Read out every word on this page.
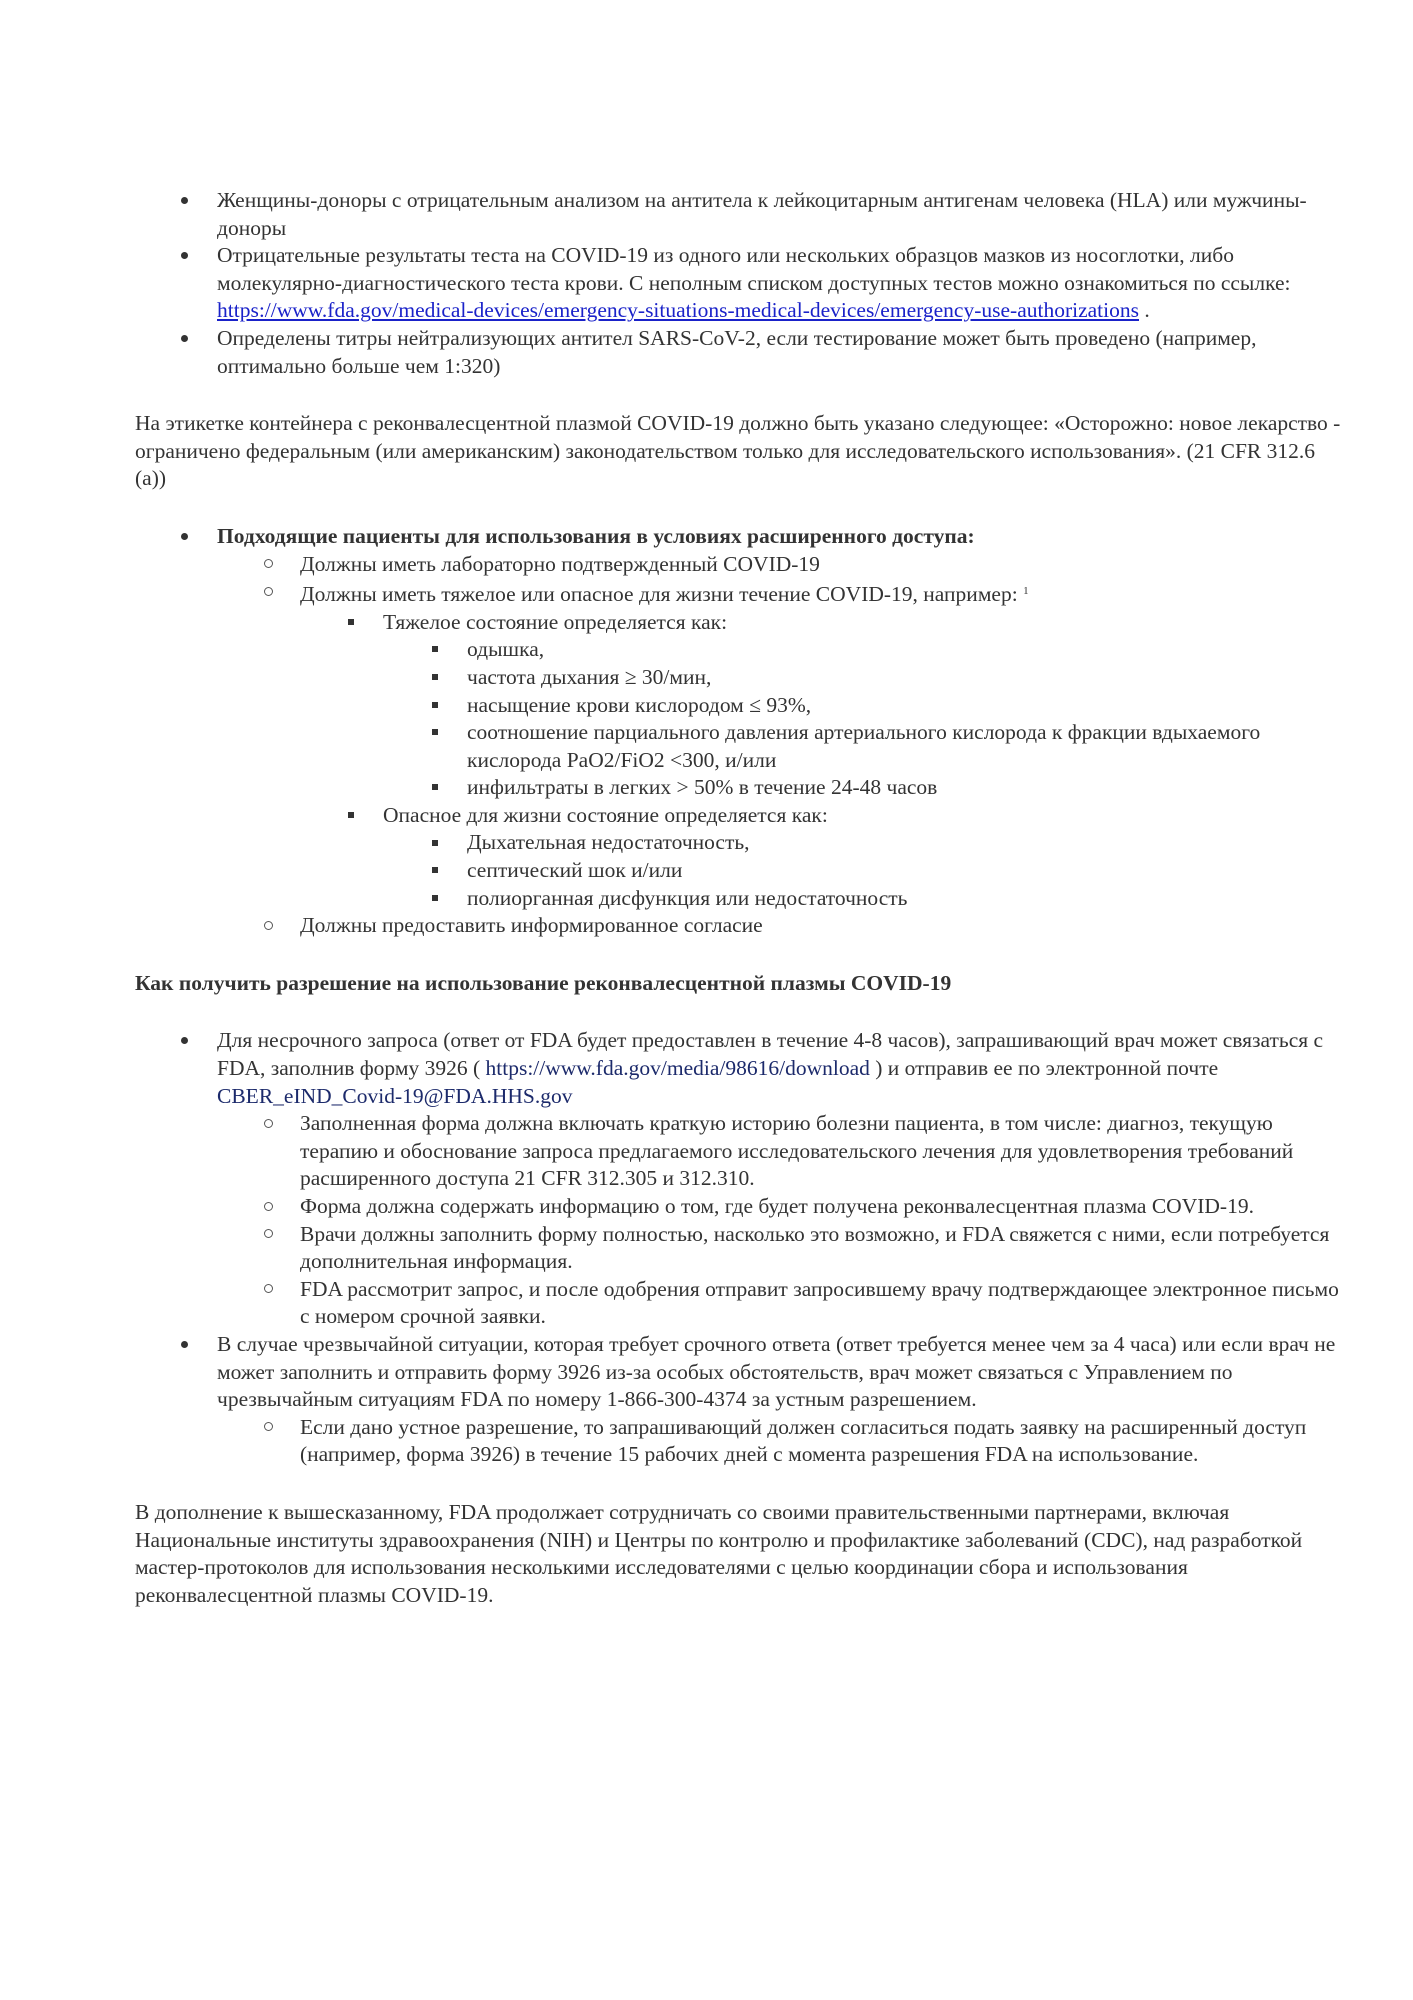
Женщины-доноры с отрицательным анализом на антитела к лейкоцитарным антигенам человека (HLA) или мужчины-доноры
Отрицательные результаты теста на COVID-19 из одного или нескольких образцов мазков из носоглотки, либо молекулярно-диагностического теста крови. С неполным списком доступных тестов можно ознакомиться по ссылке: https://www.fda.gov/medical-devices/emergency-situations-medical-devices/emergency-use-authorizations .
Определены титры нейтрализующих антител SARS-CoV-2, если тестирование может быть проведено (например, оптимально больше чем 1:320)

На этикетке контейнера с реконвалесцентной плазмой COVID-19 должно быть указано следующее: «Осторожно: новое лекарство - ограничено федеральным (или американским) законодательством только для исследовательского использования». (21 CFR 312.6 (a))

Подходящие пациенты для использования в условиях расширенного доступа:
Должны иметь лабораторно подтвержденный COVID-19
Должны иметь тяжелое или опасное для жизни течение COVID-19, например: $^1$
Тяжелое состояние определяется как:
одышка,
частота дыхания ≥ 30/мин,
насыщение крови кислородом ≤ 93%,
соотношение парциального давления артериального кислорода к фракции вдыхаемого кислорода PaO2/FiO2 <300, и/или
инфильтраты в легких > 50% в течение 24-48 часов
Опасное для жизни состояние определяется как:
Дыхательная недостаточность,
септический шок и/или
полиорганная дисфункция или недостаточность
Должны предоставить информированное согласие

Как получить разрешение на использование реконвалесцентной плазмы COVID-19

Для несрочного запроса (ответ от FDA будет предоставлен в течение 4-8 часов), запрашивающий врач может связаться с FDA, заполнив форму 3926 ( https://www.fda.gov/media/98616/download ) и отправив ее по электронной почте CBER_eIND_Covid-19@FDA.HHS.gov
Заполненная форма должна включать краткую историю болезни пациента, в том числе: диагноз, текущую терапию и обоснование запроса предлагаемого исследовательского лечения для удовлетворения требований расширенного доступа 21 CFR 312.305 и 312.310.
Форма должна содержать информацию о том, где будет получена реконвалесцентная плазма COVID-19.
Врачи должны заполнить форму полностью, насколько это возможно, и FDA свяжется с ними, если потребуется дополнительная информация.
FDA рассмотрит запрос, и после одобрения отправит запросившему врачу подтверждающее электронное письмо с номером срочной заявки.
В случае чрезвычайной ситуации, которая требует срочного ответа (ответ требуется менее чем за 4 часа) или если врач не может заполнить и отправить форму 3926 из-за особых обстоятельств, врач может связаться с Управлением по чрезвычайным ситуациям FDA по номеру 1-866-300-4374 за устным разрешением.
Если дано устное разрешение, то запрашивающий должен согласиться подать заявку на расширенный доступ (например, форма 3926) в течение 15 рабочих дней с момента разрешения FDA на использование.

В дополнение к вышесказанному, FDA продолжает сотрудничать со своими правительственными партнерами, включая Национальные институты здравоохранения (NIH) и Центры по контролю и профилактике заболеваний (CDC), над разработкой мастер-протоколов для использования несколькими исследователями с целью координации сбора и использования реконвалесцентной плазмы COVID-19.
